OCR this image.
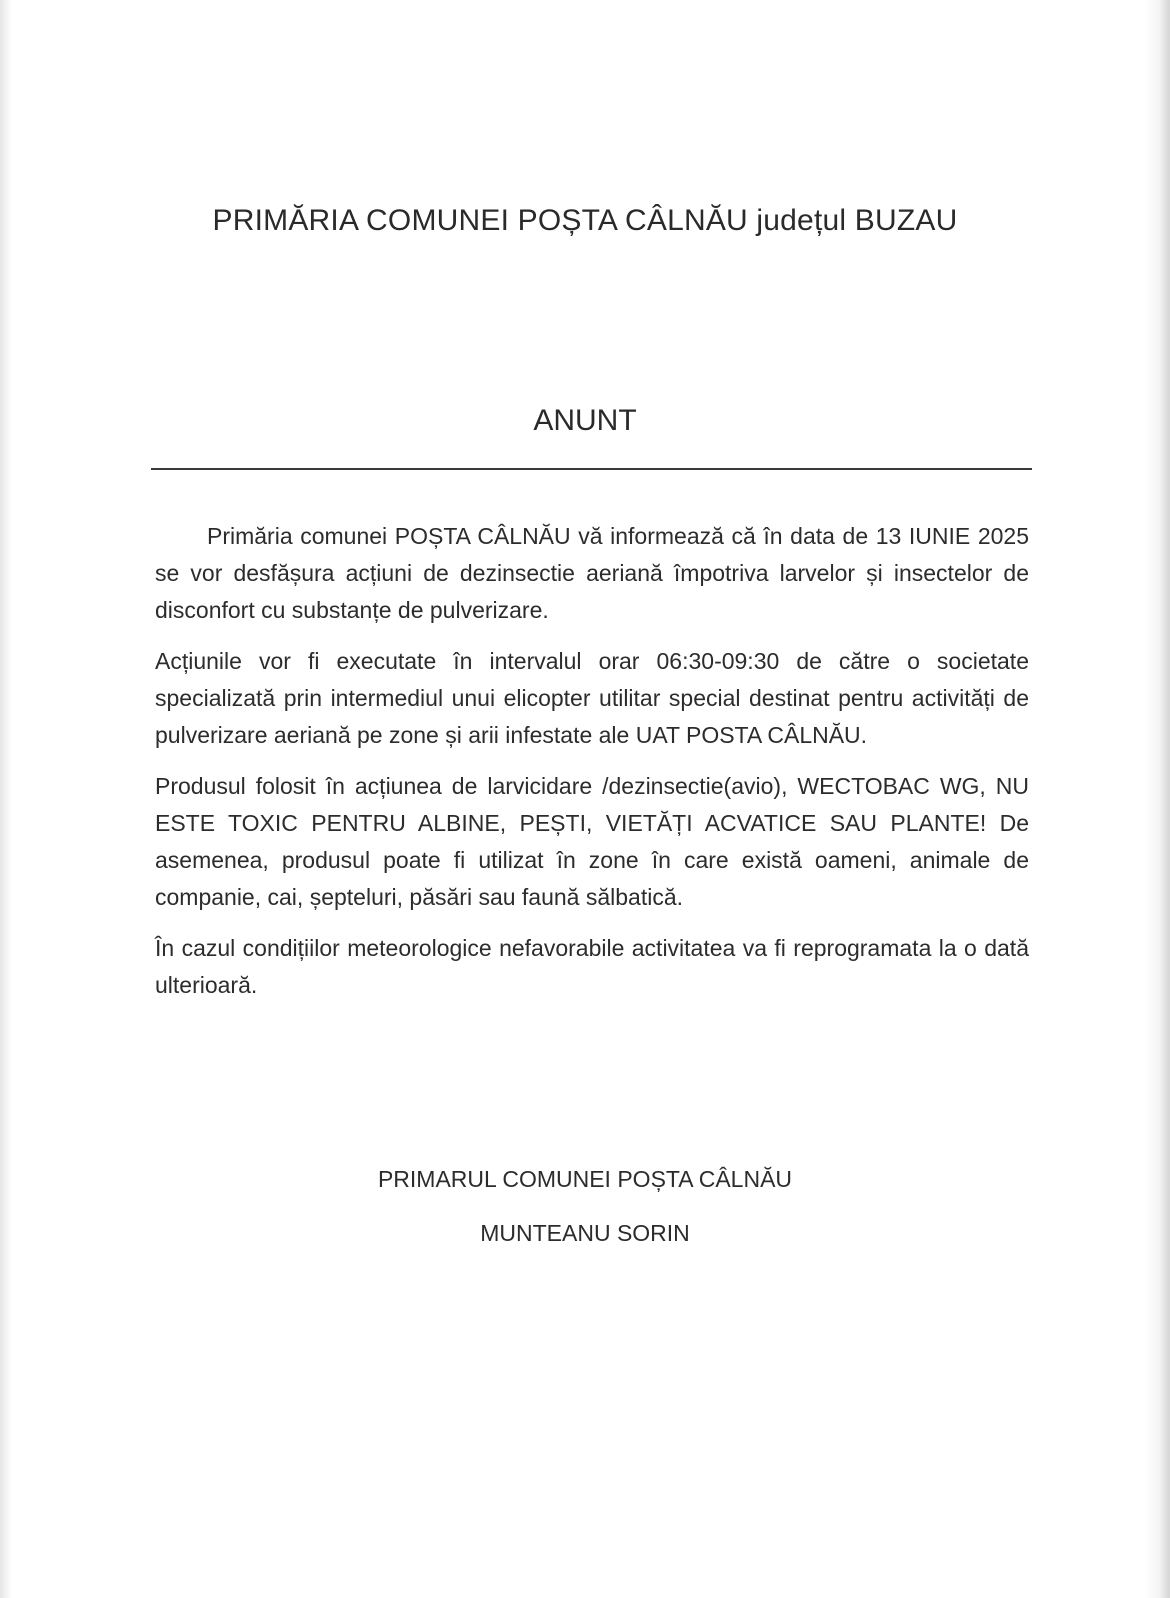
PRIMĂRIA COMUNEI POȘTA CÂLNĂU județul BUZAU
ANUNT

Primăria comunei POȘTA CÂLNĂU vă informează că în data de 13 IUNIE 2025 se vor desfășura acțiuni de dezinsectie aeriană împotriva larvelor și insectelor de disconfort cu substanțe de pulverizare.

Acțiunile vor fi executate în intervalul orar 06:30-09:30 de către o societate specializată prin intermediul unui elicopter utilitar special destinat pentru activități de pulverizare aeriană pe zone și arii infestate ale UAT POSTA CÂLNĂU.

Produsul folosit în acțiunea de larvicidare /dezinsectie(avio), WECTOBAC WG, NU ESTE TOXIC PENTRU ALBINE, PEȘTI, VIETĂȚI ACVATICE SAU PLANTE! De asemenea, produsul poate fi utilizat în zone în care există oameni, animale de companie, cai, șepteluri, păsări sau faună sălbatică.

În cazul condițiilor meteorologice nefavorabile activitatea va fi reprogramata la o dată ulterioară.

PRIMARUL COMUNEI POȘTA CÂLNĂU
MUNTEANU SORIN
